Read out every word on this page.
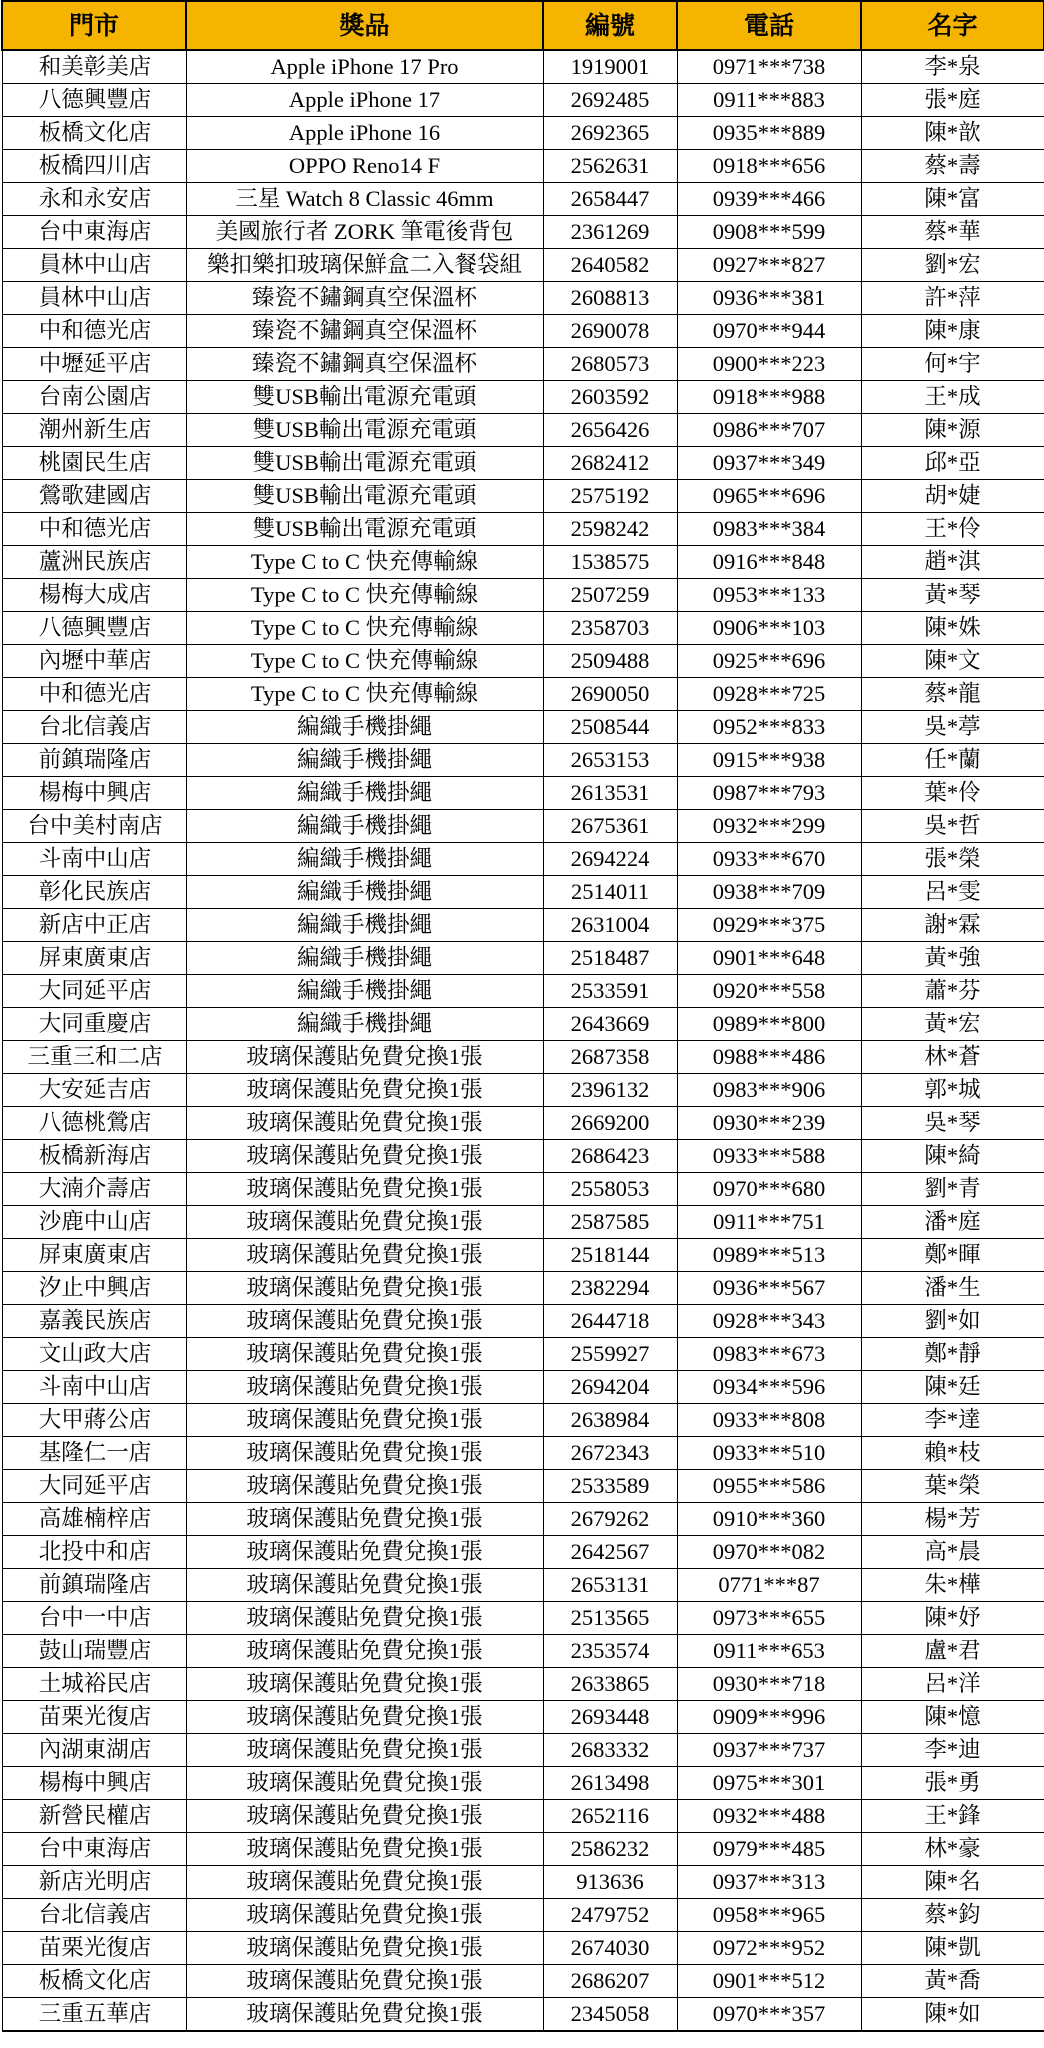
門市	獎品	編號	電話	名字
和美彰美店	Apple iPhone 17 Pro	1919001	0971***738	李*泉
八德興豐店	Apple iPhone 17	2692485	0911***883	張*庭
板橋文化店	Apple iPhone 16	2692365	0935***889	陳*歆
板橋四川店	OPPO Reno14 F	2562631	0918***656	蔡*壽
永和永安店	三星 Watch 8 Classic 46mm	2658447	0939***466	陳*富
台中東海店	美國旅行者 ZORK 筆電後背包	2361269	0908***599	蔡*華
員林中山店	樂扣樂扣玻璃保鮮盒二入餐袋組	2640582	0927***827	劉*宏
員林中山店	臻瓷不鏽鋼真空保溫杯	2608813	0936***381	許*萍
中和德光店	臻瓷不鏽鋼真空保溫杯	2690078	0970***944	陳*康
中壢延平店	臻瓷不鏽鋼真空保溫杯	2680573	0900***223	何*宇
台南公園店	雙USB輸出電源充電頭	2603592	0918***988	王*成
潮州新生店	雙USB輸出電源充電頭	2656426	0986***707	陳*源
桃園民生店	雙USB輸出電源充電頭	2682412	0937***349	邱*亞
鶯歌建國店	雙USB輸出電源充電頭	2575192	0965***696	胡*婕
中和德光店	雙USB輸出電源充電頭	2598242	0983***384	王*伶
蘆洲民族店	Type C to C 快充傳輸線	1538575	0916***848	趙*淇
楊梅大成店	Type C to C 快充傳輸線	2507259	0953***133	黃*琴
八德興豐店	Type C to C 快充傳輸線	2358703	0906***103	陳*姝
內壢中華店	Type C to C 快充傳輸線	2509488	0925***696	陳*文
中和德光店	Type C to C 快充傳輸線	2690050	0928***725	蔡*龍
台北信義店	編織手機掛繩	2508544	0952***833	吳*葶
前鎮瑞隆店	編織手機掛繩	2653153	0915***938	任*蘭
楊梅中興店	編織手機掛繩	2613531	0987***793	葉*伶
台中美村南店	編織手機掛繩	2675361	0932***299	吳*哲
斗南中山店	編織手機掛繩	2694224	0933***670	張*榮
彰化民族店	編織手機掛繩	2514011	0938***709	呂*雯
新店中正店	編織手機掛繩	2631004	0929***375	謝*霖
屏東廣東店	編織手機掛繩	2518487	0901***648	黃*強
大同延平店	編織手機掛繩	2533591	0920***558	蕭*芬
大同重慶店	編織手機掛繩	2643669	0989***800	黃*宏
三重三和二店	玻璃保護貼免費兌換1張	2687358	0988***486	林*蒼
大安延吉店	玻璃保護貼免費兌換1張	2396132	0983***906	郭*城
八德桃鶯店	玻璃保護貼免費兌換1張	2669200	0930***239	吳*琴
板橋新海店	玻璃保護貼免費兌換1張	2686423	0933***588	陳*綺
大湳介壽店	玻璃保護貼免費兌換1張	2558053	0970***680	劉*青
沙鹿中山店	玻璃保護貼免費兌換1張	2587585	0911***751	潘*庭
屏東廣東店	玻璃保護貼免費兌換1張	2518144	0989***513	鄭*暉
汐止中興店	玻璃保護貼免費兌換1張	2382294	0936***567	潘*生
嘉義民族店	玻璃保護貼免費兌換1張	2644718	0928***343	劉*如
文山政大店	玻璃保護貼免費兌換1張	2559927	0983***673	鄭*靜
斗南中山店	玻璃保護貼免費兌換1張	2694204	0934***596	陳*廷
大甲蔣公店	玻璃保護貼免費兌換1張	2638984	0933***808	李*達
基隆仁一店	玻璃保護貼免費兌換1張	2672343	0933***510	賴*枝
大同延平店	玻璃保護貼免費兌換1張	2533589	0955***586	葉*榮
高雄楠梓店	玻璃保護貼免費兌換1張	2679262	0910***360	楊*芳
北投中和店	玻璃保護貼免費兌換1張	2642567	0970***082	高*晨
前鎮瑞隆店	玻璃保護貼免費兌換1張	2653131	0771***87	朱*樺
台中一中店	玻璃保護貼免費兌換1張	2513565	0973***655	陳*妤
鼓山瑞豐店	玻璃保護貼免費兌換1張	2353574	0911***653	盧*君
土城裕民店	玻璃保護貼免費兌換1張	2633865	0930***718	呂*洋
苗栗光復店	玻璃保護貼免費兌換1張	2693448	0909***996	陳*憶
內湖東湖店	玻璃保護貼免費兌換1張	2683332	0937***737	李*迪
楊梅中興店	玻璃保護貼免費兌換1張	2613498	0975***301	張*勇
新營民權店	玻璃保護貼免費兌換1張	2652116	0932***488	王*鋒
台中東海店	玻璃保護貼免費兌換1張	2586232	0979***485	林*豪
新店光明店	玻璃保護貼免費兌換1張	913636	0937***313	陳*名
台北信義店	玻璃保護貼免費兌換1張	2479752	0958***965	蔡*鈞
苗栗光復店	玻璃保護貼免費兌換1張	2674030	0972***952	陳*凱
板橋文化店	玻璃保護貼免費兌換1張	2686207	0901***512	黃*喬
三重五華店	玻璃保護貼免費兌換1張	2345058	0970***357	陳*如
